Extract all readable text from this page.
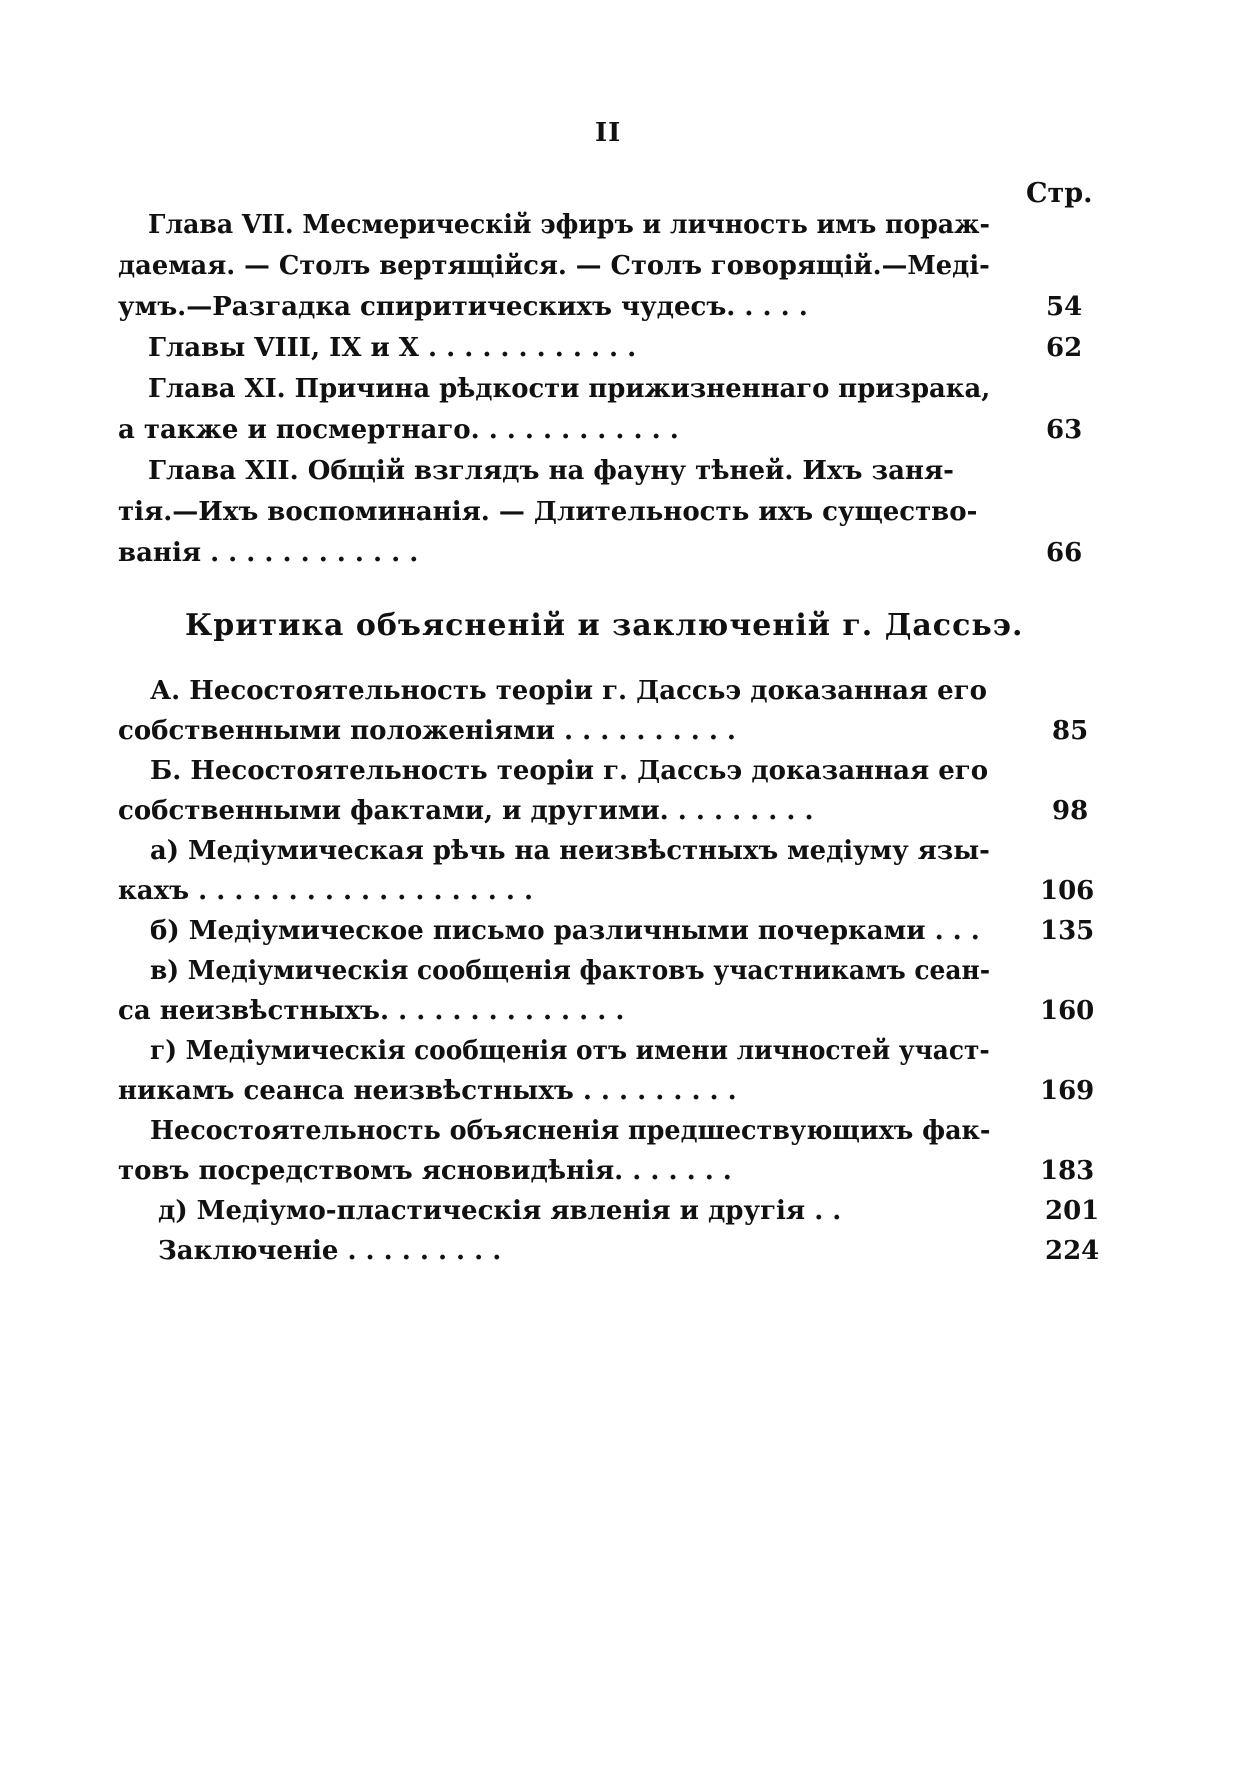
II
Стр.
Глава VII. Месмерическій эфиръ и личность имъ пораж-
даемая. — Столъ вертящійся. — Столъ говорящій.—Меді-
умъ.—Разгадка спиритическихъ чудесъ. . . . .	54
Главы VIII, IX и X . . . . . . . . . . . .	62
Глава XI. Причина рѣдкости прижизненнаго призрака,
а также и посмертнаго. . . . . . . . . . . .	63
Глава XII. Общій взглядъ на фауну тѣней. Ихъ заня-
тія.—Ихъ воспоминанія. — Длительность ихъ существо-
ванія . . . . . . . . . . . .	66
Критика объясненій и заключеній г. Дассьэ.
А. Несостоятельность теоріи г. Дассьэ доказанная его
собственными положеніями . . . . . . . . . .	85
Б. Несостоятельность теоріи г. Дассьэ доказанная его
собственными фактами, и другими. . . . . . . . .	98
а) Медіумическая рѣчь на неизвѣстныхъ медіуму язы-
кахъ . . . . . . . . . . . . . . . . . . .	106
б) Медіумическое письмо различными почерками . . . 135
в) Медіумическія сообщенія фактовъ участникамъ сеан-
са неизвѣстныхъ. . . . . . . . . . . . . .	160
г) Медіумическія сообщенія отъ имени личностей участ-
никамъ сеанса неизвѣстныхъ . . . . . . . . .	169
Несостоятельность объясненія предшествующихъ фак-
товъ посредствомъ ясновидѣнія. . . . . . .	183
д) Медіумо-пластическія явленія и другія . .	201
Заключеніе . . . . . . . . .	224
